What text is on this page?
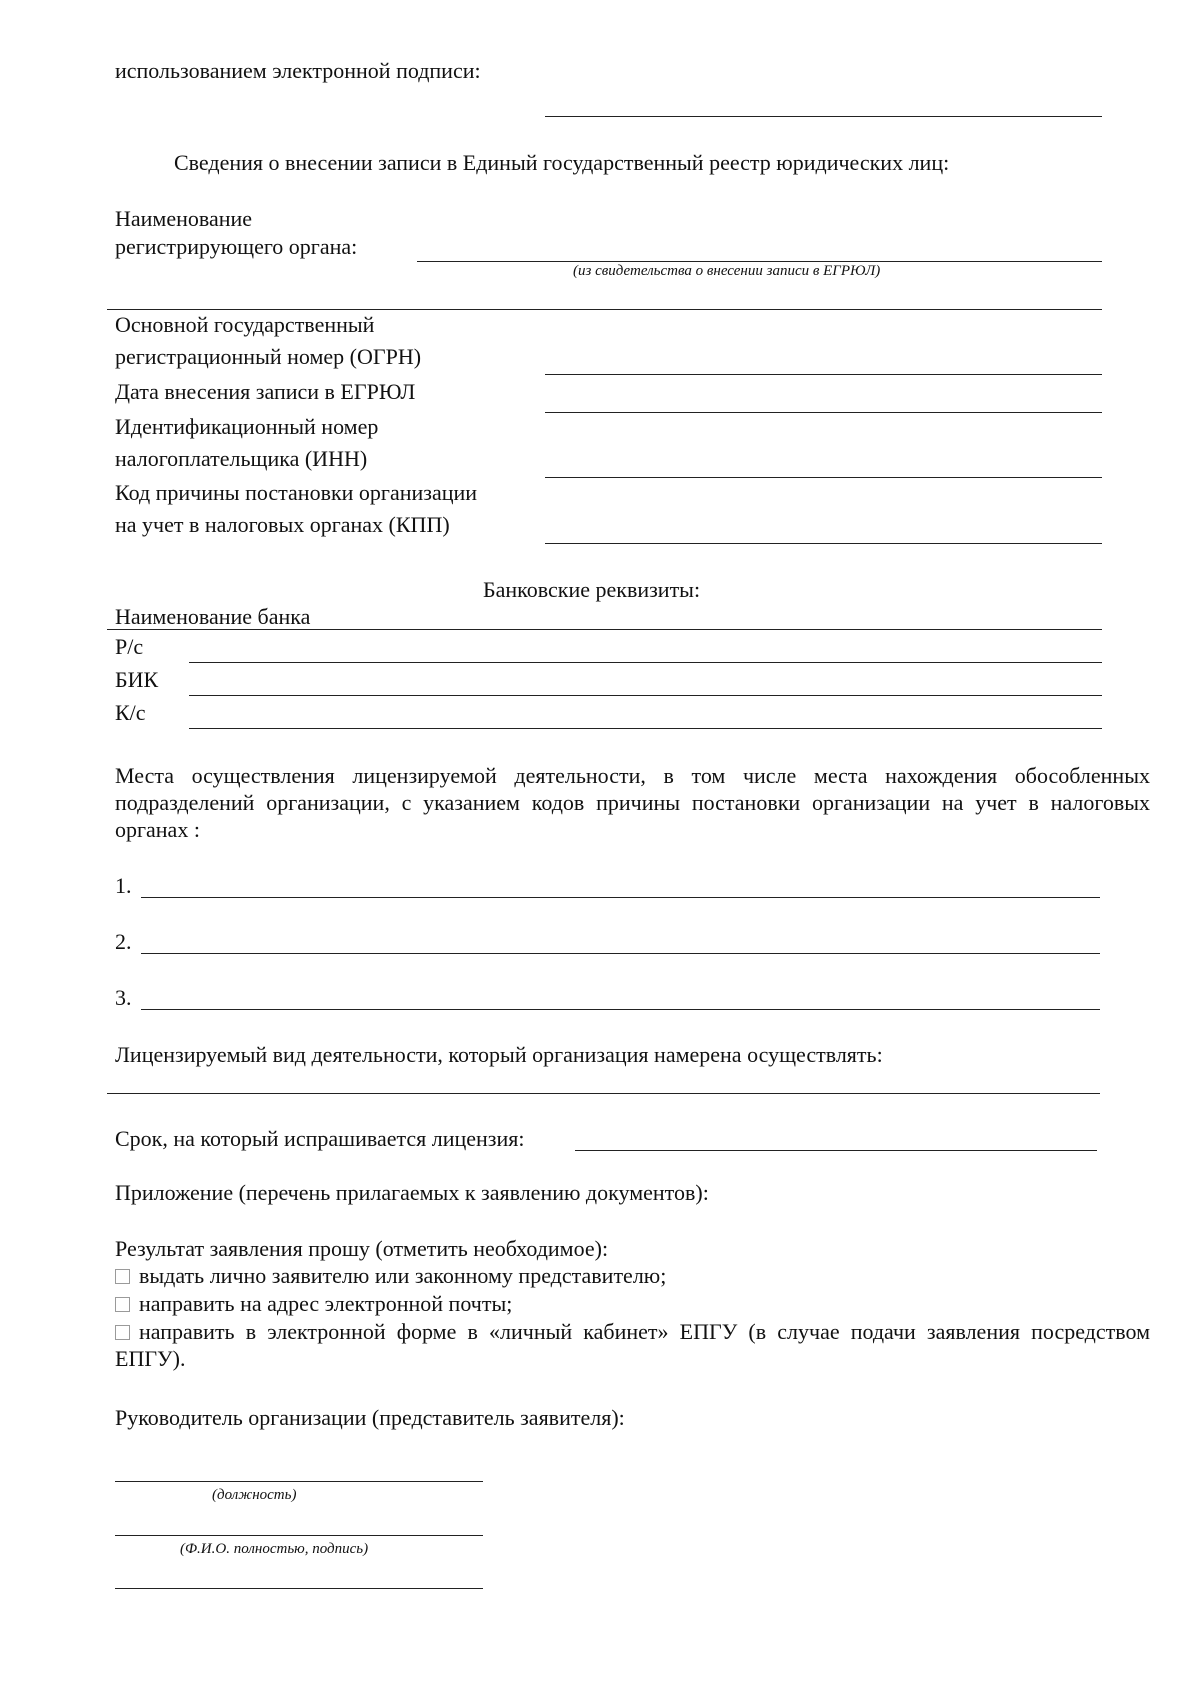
использованием электронной подписи:
Сведения о внесении записи в Единый государственный реестр юридических лиц:
Наименование
регистрирующего органа:
(из свидетельства о внесении записи в ЕГРЮЛ)
Основной государственный
регистрационный номер (ОГРН)
Дата внесения записи в ЕГРЮЛ
Идентификационный номер
налогоплательщика (ИНН)
Код причины постановки организации
на учет в налоговых органах (КПП)
Банковские реквизиты:
Наименование банка
Р/с
БИК
К/с
Места осуществления лицензируемой деятельности, в том числе места нахождения обособленных подразделений организации, с указанием кодов причины постановки организации на учет в налоговых органах :
1.
2.
3.
Лицензируемый вид деятельности, который организация намерена осуществлять:
Срок, на который испрашивается лицензия:
Приложение (перечень прилагаемых к заявлению документов):
Результат заявления прошу (отметить необходимое):
выдать лично заявителю или законному представителю;
направить на адрес электронной почты;
направить в электронной форме в «личный кабинет» ЕПГУ (в случае подачи заявления посредством ЕПГУ).
Руководитель организации (представитель заявителя):
(должность)
(Ф.И.О. полностью, подпись)
